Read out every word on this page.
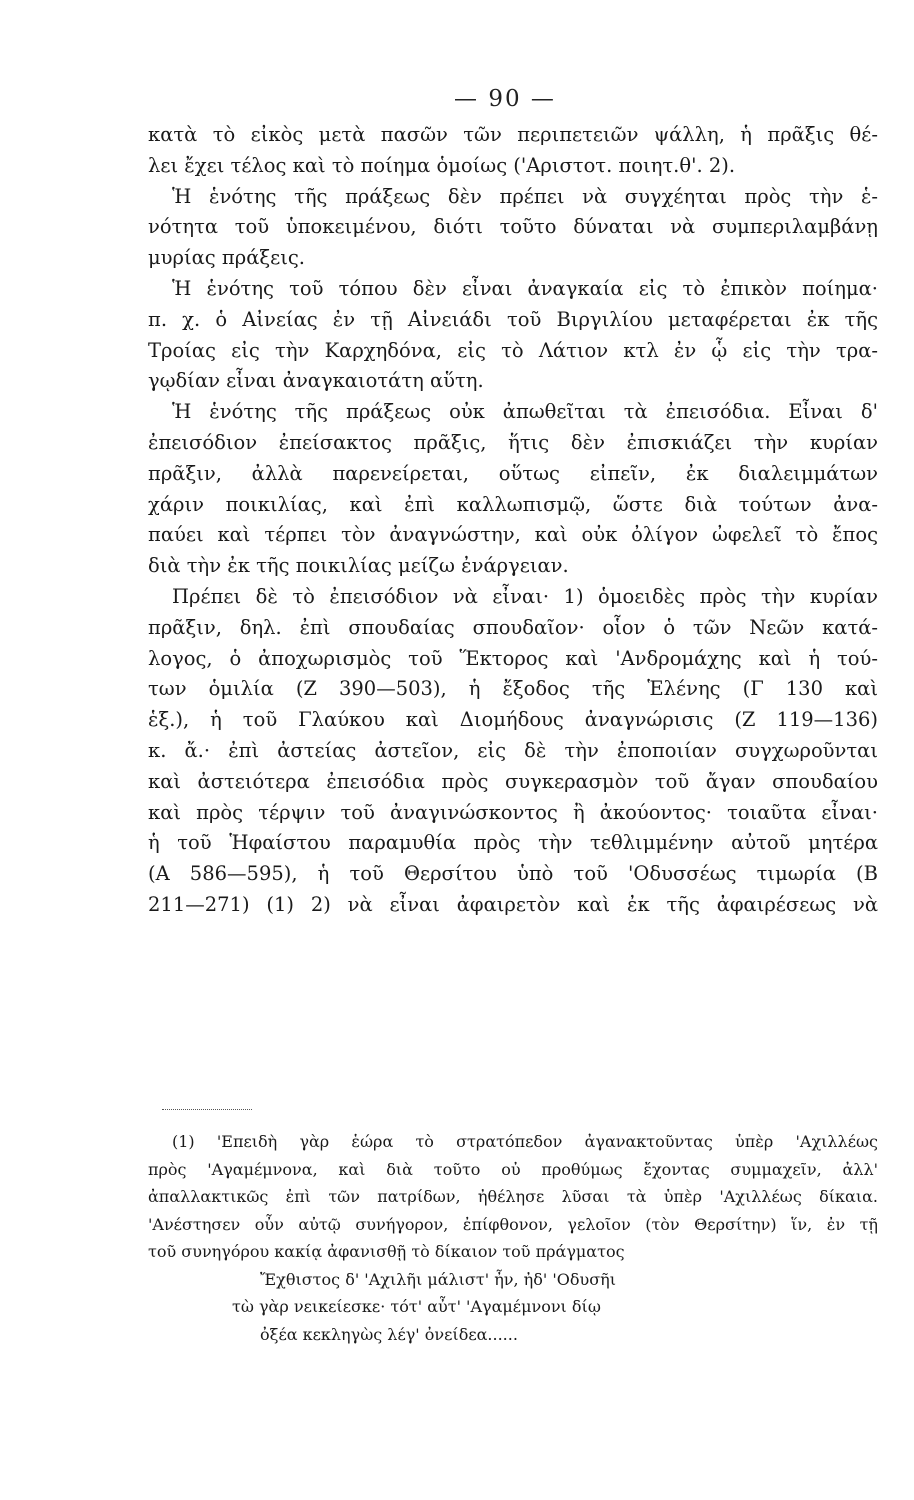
— 90 —
κατὰ τὸ εἰκὸς μετὰ πασῶν τῶν περιπετειῶν ψάλλη, ἡ πρᾶξις θέ-
λει ἔχει τέλος καὶ τὸ ποίημα ὁμοίως ('Αριστοτ. ποιητ.θ'. 2).
Ἡ ἑνότης τῆς πράξεως δὲν πρέπει νὰ συγχέηται πρὸς τὴν ἑ-
νότητα τοῦ ὑποκειμένου, διότι τοῦτο δύναται νὰ συμπεριλαμβάνῃ
μυρίας πράξεις.
Ἡ ἑνότης τοῦ τόπου δὲν εἶναι ἀναγκαία εἰς τὸ ἐπικὸν ποίημα·
π. χ. ὁ Αἰνείας ἐν τῇ Αἰνειάδι τοῦ Βιργιλίου μεταφέρεται ἐκ τῆς
Τροίας εἰς τὴν Καρχηδόνα, εἰς τὸ Λάτιον κτλ ἐν ᾧ εἰς τὴν τρα-
γῳδίαν εἶναι ἀναγκαιοτάτη αὕτη.
Ἡ ἑνότης τῆς πράξεως οὐκ ἀπωθεῖται τὰ ἐπεισόδια. Εἶναι δ'
ἐπεισόδιον ἐπείσακτος πρᾶξις, ἥτις δὲν ἐπισκιάζει τὴν κυρίαν
πρᾶξιν, ἀλλὰ παρενείρεται, οὕτως εἰπεῖν, ἐκ διαλειμμάτων
χάριν ποικιλίας, καὶ ἐπὶ καλλωπισμῷ, ὥστε διὰ τούτων ἀνα-
παύει καὶ τέρπει τὸν ἀναγνώστην, καὶ οὐκ ὀλίγον ὠφελεῖ τὸ ἔπος
διὰ τὴν ἐκ τῆς ποικιλίας μείζω ἐνάργειαν.
Πρέπει δὲ τὸ ἐπεισόδιον νὰ εἶναι· 1) ὁμοειδὲς πρὸς τὴν κυρίαν
πρᾶξιν, δηλ. ἐπὶ σπουδαίας σπουδαῖον· οἷον ὁ τῶν Νεῶν κατά-
λογος, ὁ ἀποχωρισμὸς τοῦ Ἕκτορος καὶ 'Ανδρομάχης καὶ ἡ τού-
των ὁμιλία (Ζ 390—503), ἡ ἔξοδος τῆς Ἑλένης (Γ 130 καὶ
ἑξ.), ἡ τοῦ Γλαύκου καὶ Διομήδους ἀναγνώρισις (Ζ 119—136)
κ. ἄ.· ἐπὶ ἀστείας ἀστεῖον, εἰς δὲ τὴν ἐποποιίαν συγχωροῦνται
καὶ ἀστειότερα ἐπεισόδια πρὸς συγκερασμὸν τοῦ ἄγαν σπουδαίου
καὶ πρὸς τέρψιν τοῦ ἀναγινώσκοντος ἢ ἀκούοντος· τοιαῦτα εἶναι·
ἡ τοῦ Ἡφαίστου παραμυθία πρὸς τὴν τεθλιμμένην αὐτοῦ μητέρα
(Α 586—595), ἡ τοῦ Θερσίτου ὑπὸ τοῦ 'Οδυσσέως τιμωρία (Β
211—271) (1) 2) νὰ εἶναι ἀφαιρετὸν καὶ ἐκ τῆς ἀφαιρέσεως νὰ
(1) 'Επειδὴ γὰρ ἑώρα τὸ στρατόπεδον ἀγανακτοῦντας ὑπὲρ 'Αχιλλέως
πρὸς 'Αγαμέμνονα, καὶ διὰ τοῦτο οὐ προθύμως ἔχοντας συμμαχεῖν, ἀλλ'
ἀπαλλακτικῶς ἐπὶ τῶν πατρίδων, ἠθέλησε λῦσαι τὰ ὑπὲρ 'Αχιλλέως δίκαια.
'Ανέστησεν οὖν αὐτῷ συνήγορον, ἐπίφθονον, γελοῖον (τὸν Θερσίτην) ἵν, ἐν τῇ
τοῦ συνηγόρου κακίᾳ ἀφανισθῇ τὸ δίκαιον τοῦ πράγματος
Ἔχθιστος δ' 'Αχιλῆι μάλιστ' ἦν, ἠδ' 'Οδυσῆι
τὼ γὰρ νεικείεσκε· τότ' αὖτ' 'Αγαμέμνονι δίῳ
ὀξέα κεκληγὼς λέγ' ὀνείδεα......
